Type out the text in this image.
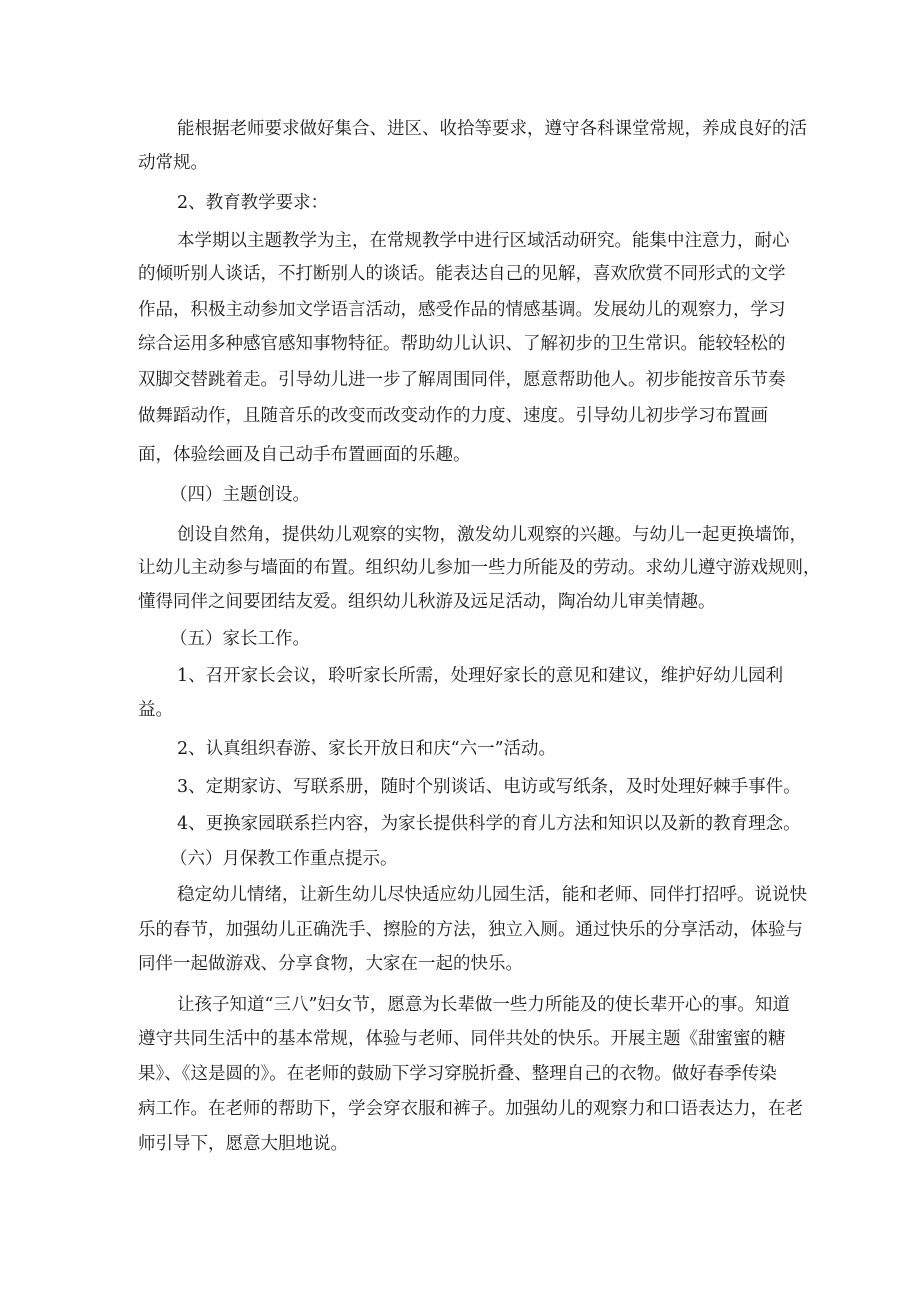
能根据老师要求做好集合、进区、收拾等要求，遵守各科课堂常规，养成良好的活
动常规。
2、教育教学要求：
本学期以主题教学为主，在常规教学中进行区域活动研究。能集中注意力，耐心
的倾听别人谈话，不打断别人的谈话。能表达自己的见解，喜欢欣赏不同形式的文学
作品，积极主动参加文学语言活动，感受作品的情感基调。发展幼儿的观察力，学习
综合运用多种感官感知事物特征。帮助幼儿认识、了解初步的卫生常识。能较轻松的
双脚交替跳着走。引导幼儿进一步了解周围同伴，愿意帮助他人。初步能按音乐节奏
做舞蹈动作，且随音乐的改变而改变动作的力度、速度。引导幼儿初步学习布置画
面，体验绘画及自己动手布置画面的乐趣。
（四）主题创设。
创设自然角，提供幼儿观察的实物，激发幼儿观察的兴趣。与幼儿一起更换墙饰，
让幼儿主动参与墙面的布置。组织幼儿参加一些力所能及的劳动。求幼儿遵守游戏规则，
懂得同伴之间要团结友爱。组织幼儿秋游及远足活动，陶冶幼儿审美情趣。
（五）家长工作。
1、召开家长会议，聆听家长所需，处理好家长的意见和建议，维护好幼儿园利
益。
2、认真组织春游、家长开放日和庆“六一”活动。
3、定期家访、写联系册，随时个别谈话、电访或写纸条，及时处理好棘手事件。
4、更换家园联系拦内容，为家长提供科学的育儿方法和知识以及新的教育理念。
（六）月保教工作重点提示。
稳定幼儿情绪，让新生幼儿尽快适应幼儿园生活，能和老师、同伴打招呼。说说快
乐的春节，加强幼儿正确洗手、擦脸的方法，独立入厕。通过快乐的分享活动，体验与
同伴一起做游戏、分享食物，大家在一起的快乐。
让孩子知道“三八”妇女节，愿意为长辈做一些力所能及的使长辈开心的事。知道
遵守共同生活中的基本常规，体验与老师、同伴共处的快乐。开展主题《甜蜜蜜的糖
果》、《这是圆的》。在老师的鼓励下学习穿脱折叠、整理自己的衣物。做好春季传染
病工作。在老师的帮助下，学会穿衣服和裤子。加强幼儿的观察力和口语表达力，在老
师引导下，愿意大胆地说。
